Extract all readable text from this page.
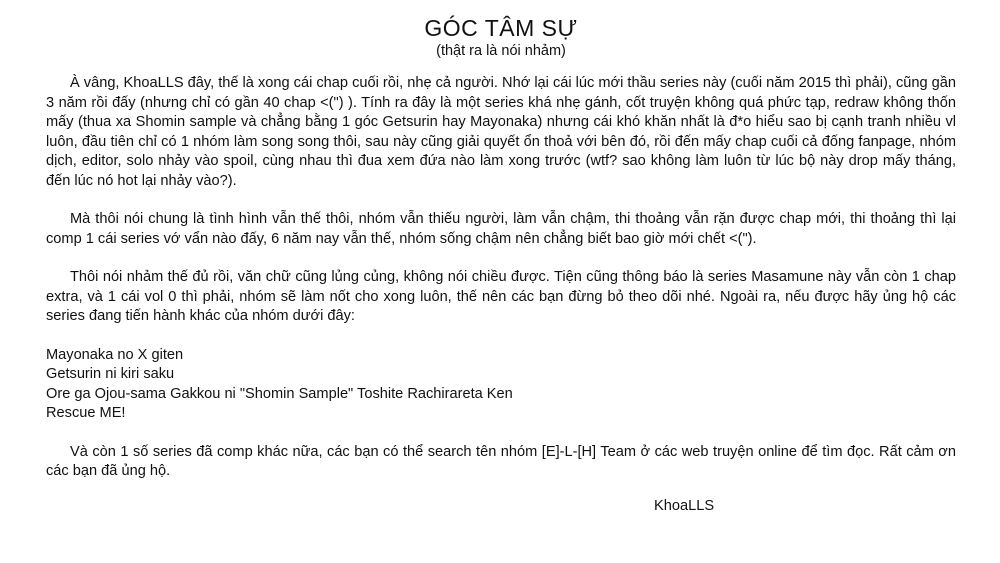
GÓC TÂM SỰ

(thật ra là nói nhảm)

À vâng, KhoaLLS đây, thế là xong cái chap cuối rồi, nhẹ cả người. Nhớ lại cái lúc mới thầu series này (cuối năm 2015 thì phải), cũng gần 3 năm rồi đấy (nhưng chỉ có gần 40 chap <(") ). Tính ra đây là một series khá nhẹ gánh, cốt truyện không quá phức tạp, redraw không thốn mấy (thua xa Shomin sample và chẳng bằng 1 góc Getsurin hay Mayonaka) nhưng cái khó khăn nhất là đ*o hiểu sao bị cạnh tranh nhiều vl luôn, đầu tiên chỉ có 1 nhóm làm song song thôi, sau này cũng giải quyết ổn thoả với bên đó, rồi đến mấy chap cuối cả đống fanpage, nhóm dịch, editor, solo nhảy vào spoil, cùng nhau thì đua xem đứa nào làm xong trước (wtf? sao không làm luôn từ lúc bộ này drop mấy tháng, đến lúc nó hot lại nhảy vào?).

Mà thôi nói chung là tình hình vẫn thế thôi, nhóm vẫn thiếu người, làm vẫn chậm, thi thoảng vẫn rặn được chap mới, thi thoảng thì lại comp 1 cái series vớ vẩn nào đấy, 6 năm nay vẫn thế, nhóm sống chậm nên chẳng biết bao giờ mới chết <(").

Thôi nói nhảm thế đủ rồi, văn chữ cũng lủng củng, không nói chiều được. Tiện cũng thông báo là series Masamune này vẫn còn 1 chap extra, và 1 cái vol 0 thì phải, nhóm sẽ làm nốt cho xong luôn, thế nên các bạn đừng bỏ theo dõi nhé. Ngoài ra, nếu được hãy ủng hộ các series đang tiến hành khác của nhóm dưới đây:

Mayonaka no X giten
Getsurin ni kiri saku
Ore ga Ojou-sama Gakkou ni "Shomin Sample" Toshite Rachirareta Ken
Rescue ME!

Và còn 1 số series đã comp khác nữa, các bạn có thể search tên nhóm [E]-L-[H] Team ở các web truyện online để tìm đọc. Rất cảm ơn các bạn đã ủng hộ.

KhoaLLS
